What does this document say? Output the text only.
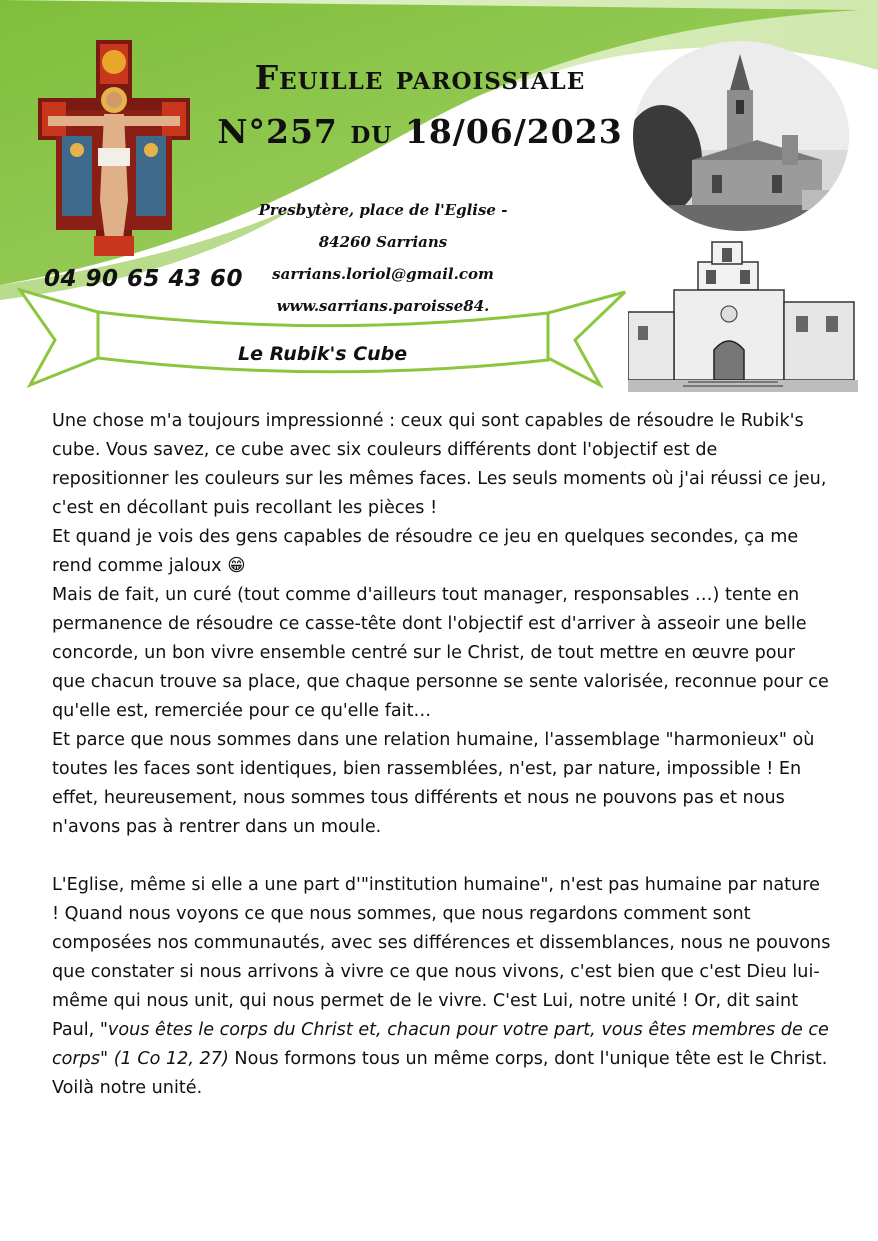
Feuille paroissiale
N°257 du 18/06/2023
Presbytère, place de l'Eglise -
84260 Sarrians
sarrians.loriol@gmail.com
www.sarrians.paroisse84.
04 90 65 43 60
Le Rubik's Cube

Une chose m'a toujours impressionné : ceux qui sont capables de résoudre le Rubik's cube. Vous savez, ce cube avec six couleurs différents dont l'objectif est de repositionner les couleurs sur les mêmes faces. Les seuls moments où j'ai réussi ce jeu, c'est en décollant puis recollant les pièces !

Et quand je vois des gens capables de résoudre ce jeu en quelques secondes, ça me rend comme jaloux 😁

Mais de fait, un curé (tout comme d'ailleurs tout manager, responsables …) tente en permanence de résoudre ce casse-tête dont l'objectif est d'arriver à asseoir une belle concorde, un bon vivre ensemble centré sur le Christ, de tout mettre en œuvre pour que chacun trouve sa place, que chaque personne se sente valorisée, reconnue pour ce qu'elle est, remerciée pour ce qu'elle fait…

Et parce que nous sommes dans une relation humaine, l'assemblage "harmonieux" où toutes les faces sont identiques, bien rassemblées, n'est, par nature, impossible ! En effet, heureusement, nous sommes tous différents et nous ne pouvons pas et nous n'avons pas à rentrer dans un moule.

L'Eglise, même si elle a une part d'"institution humaine", n'est pas humaine par nature ! Quand nous voyons ce que nous sommes, que nous regardons comment sont composées nos communautés, avec ses différences et dissemblances, nous ne pouvons que constater si nous arrivons à vivre ce que nous vivons, c'est bien que c'est Dieu lui-même qui nous unit, qui nous permet de le vivre. C'est Lui, notre unité ! Or, dit saint Paul, "vous êtes le corps du Christ et, chacun pour votre part, vous êtes membres de ce corps" (1 Co 12, 27) Nous formons tous un même corps, dont l'unique tête est le Christ. Voilà notre unité.
